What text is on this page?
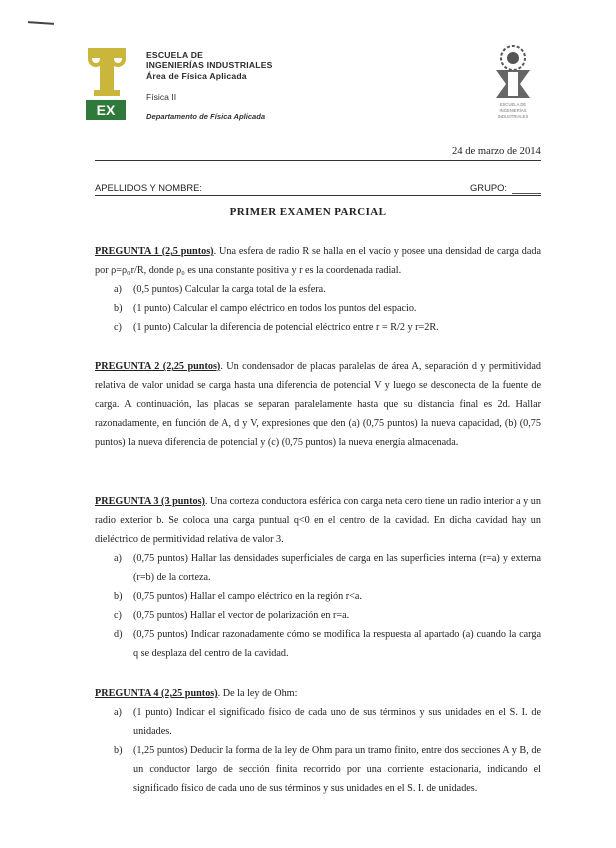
EX
ESCUELA DE
INGENIERÍAS INDUSTRIALES
Área de Física Aplicada
Física II
Departamento de Física Aplicada
ESCUELA DE
INGENIERÍAS
INDUSTRIALES
24 de marzo de 2014
APELLIDOS Y NOMBRE:	GRUPO:
PRIMER EXAMEN PARCIAL
PREGUNTA 1 (2,5 puntos). Una esfera de radio R se halla en el vacío y posee una densidad de carga dada por ρ=ρ₀r/R, donde ρ₀ es una constante positiva y r es la coordenada radial.
a) (0,5 puntos) Calcular la carga total de la esfera.
b) (1 punto) Calcular el campo eléctrico en todos los puntos del espacio.
c) (1 punto) Calcular la diferencia de potencial eléctrico entre r = R/2 y r=2R.
PREGUNTA 2 (2,25 puntos). Un condensador de placas paralelas de área A, separación d y permitividad relativa de valor unidad se carga hasta una diferencia de potencial V y luego se desconecta de la fuente de carga. A continuación, las placas se separan paralelamente hasta que su distancia final es 2d. Hallar razonadamente, en función de A, d y V, expresiones que den (a) (0,75 puntos) la nueva capacidad, (b) (0,75 puntos) la nueva diferencia de potencial y (c) (0,75 puntos) la nueva energía almacenada.
PREGUNTA 3 (3 puntos). Una corteza conductora esférica con carga neta cero tiene un radio interior a y un radio exterior b. Se coloca una carga puntual q<0 en el centro de la cavidad. En dicha cavidad hay un dieléctrico de permitividad relativa de valor 3.
a) (0,75 puntos) Hallar las densidades superficiales de carga en las superficies interna (r=a) y externa (r=b) de la corteza.
b) (0,75 puntos) Hallar el campo eléctrico en la región r<a.
c) (0,75 puntos) Hallar el vector de polarización en r=a.
d) (0,75 puntos) Indicar razonadamente cómo se modifica la respuesta al apartado (a) cuando la carga q se desplaza del centro de la cavidad.
PREGUNTA 4 (2,25 puntos). De la ley de Ohm:
a) (1 punto) Indicar el significado físico de cada uno de sus términos y sus unidades en el S. I. de unidades.
b) (1,25 puntos) Deducir la forma de la ley de Ohm para un tramo finito, entre dos secciones A y B, de un conductor largo de sección finita recorrido por una corriente estacionaria, indicando el significado físico de cada uno de sus términos y sus unidades en el S. I. de unidades.
